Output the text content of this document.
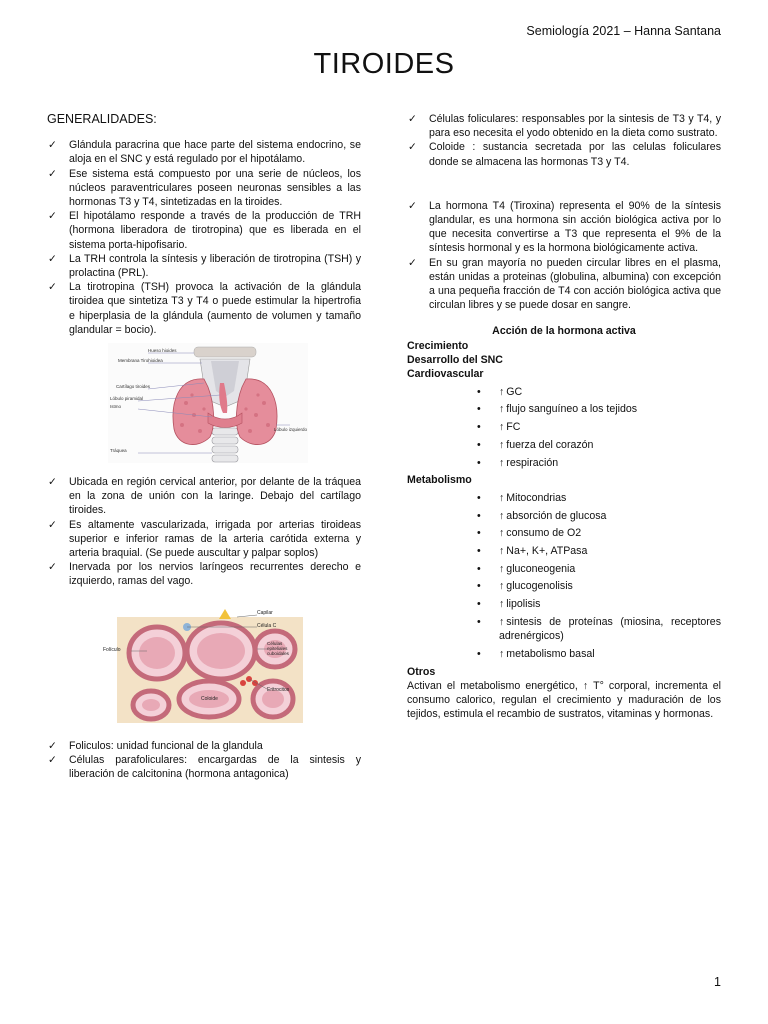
Semiología 2021 – Hanna Santana
TIROIDES
GENERALIDADES:
✓ Glándula paracrina que hace parte del sistema endocrino, se aloja en el SNC y está regulado por el hipotálamo.
✓ Ese sistema está compuesto por una serie de núcleos, los núcleos paraventriculares poseen neuronas sensibles a las hormonas T3 y T4, sintetizadas en la tiroides.
✓ El hipotálamo responde a través de la producción de TRH (hormona liberadora de tirotropina) que es liberada en el sistema porta-hipofisario.
✓ La TRH controla la síntesis y liberación de tirotropina (TSH) y prolactina (PRL).
✓ La tirotropina (TSH) provoca la activación de la glándula tiroidea que sintetiza T3 y T4 o puede estimular la hipertrofia e hiperplasia de la glándula (aumento de volumen y tamaño glandular = bocio).
Hueso hioides
Membrana Tirohioidea
Cartílago tiroides
Lóbulo piramidal
Istmo
Tráquea
Lóbulo izquierdo
✓ Ubicada en región cervical anterior, por delante de la tráquea en la zona de unión con la laringe. Debajo del cartílago tiroides.
✓ Es altamente vascularizada, irrigada por arterias tiroideas superior e inferior ramas de la arteria carótida externa y arteria braquial. (Se puede auscultar y palpar soplos)
✓ Inervada por los nervios laríngeos recurrentes derecho e izquierdo, ramas del vago.
Capilar
Célula C
Folículo
Células epiteliales cuboidales
Coloide
Eritrocitos
✓ Foliculos: unidad funcional de la glandula
✓ Células parafoliculares: encargardas de la sintesis y liberación de calcitonina (hormona antagonica)
✓ Células foliculares: responsables por la sintesis de T3 y T4, y para eso necesita el yodo obtenido en la dieta como sustrato.
✓ Coloide : sustancia secretada por las celulas foliculares donde se almacena las hormonas T3 y T4.
✓ La hormona T4 (Tiroxina) representa el 90% de la síntesis glandular, es una hormona sin acción biológica activa por lo que necesita convertirse a T3 que representa el 9% de la síntesis hormonal y es la hormona biológicamente activa.
✓ En su gran mayoría no pueden circular libres en el plasma, están unidas a proteinas (globulina, albumina) con excepción a una pequeña fracción de T4 con acción biológica activa que circulan libres y se puede dosar en sangre.
Acción de la hormona activa
Crecimiento
Desarrollo del SNC
Cardiovascular
• ↑ GC
• ↑ flujo sanguíneo a los tejidos
• ↑ FC
• ↑ fuerza del corazón
• ↑ respiración
Metabolismo
• ↑ Mitocondrias
• ↑ absorción de glucosa
• ↑ consumo de O2
• ↑ Na+, K+, ATPasa
• ↑ gluconeogenia
• ↑ glucogenolisis
• ↑ lipolisis
• ↑ sintesis de proteínas (miosina, receptores adrenérgicos)
• ↑ metabolismo basal
Otros
Activan el metabolismo energético, ↑ T° corporal, incrementa el consumo calorico, regulan el crecimiento y maduración de los tejidos, estimula el recambio de sustratos, vitaminas y hormonas.
1
